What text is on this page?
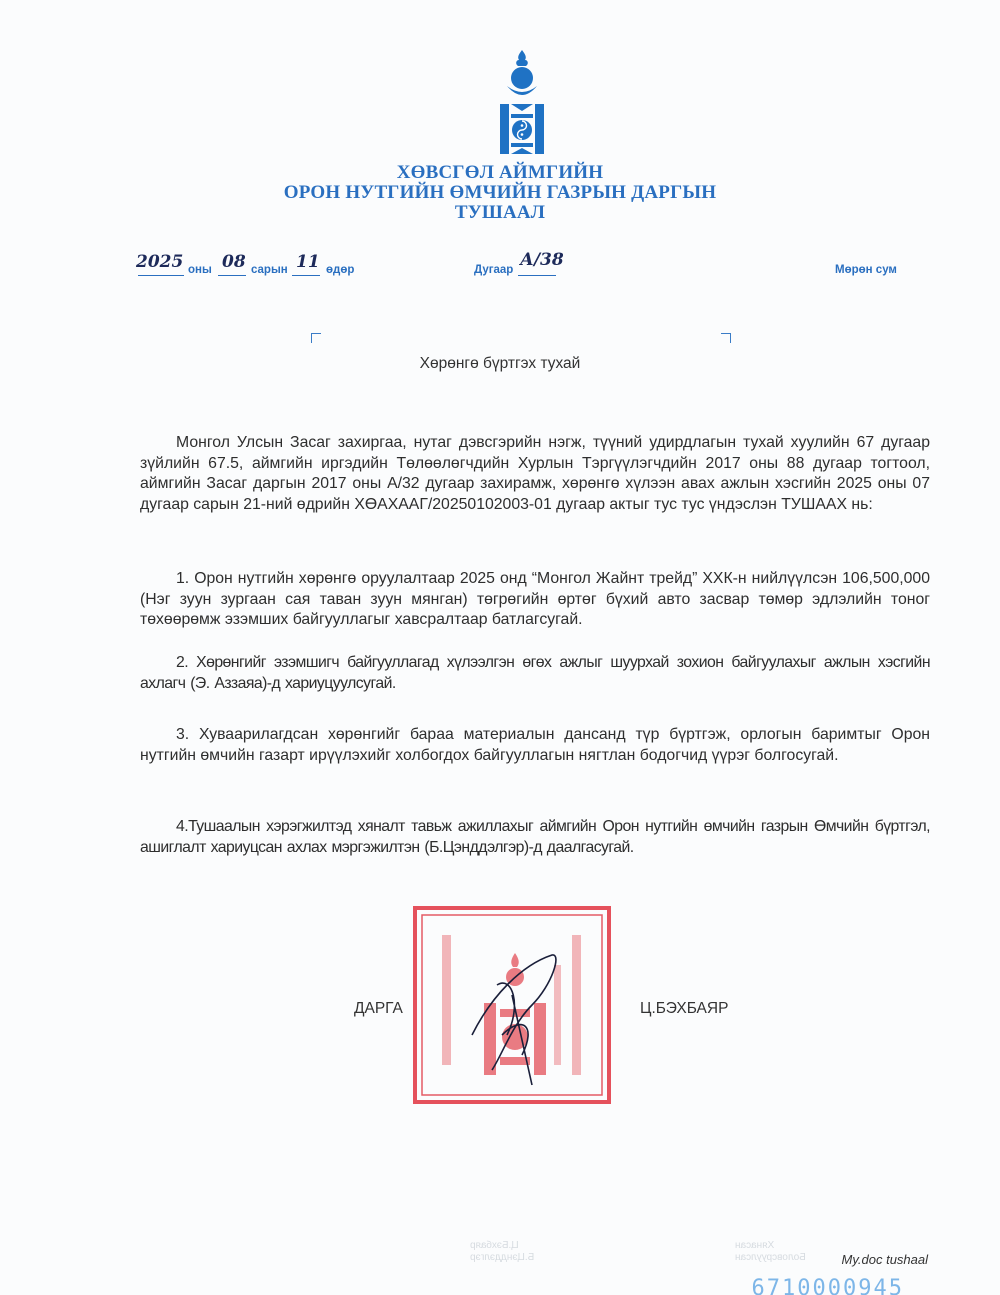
ХӨВСГӨЛ АЙМГИЙН
ОРОН НУТГИЙН ӨМЧИЙН ГАЗРЫН ДАРГЫН
ТУШААЛ
2025 оны 08 сарын 11 өдөр	Дугаар А/38	Мөрөн сум
Хөрөнгө бүртгэх тухай

Монгол Улсын Засаг захиргаа, нутаг дэвсгэрийн нэгж, түүний удирдлагын тухай хуулийн 67 дугаар зүйлийн 67.5, аймгийн иргэдийн Төлөөлөгчдийн Хурлын Тэргүүлэгчдийн 2017 оны 88 дугаар тогтоол, аймгийн Засаг даргын 2017 оны А/32 дугаар захирамж, хөрөнгө хүлээн авах ажлын хэсгийн 2025 оны 07 дугаар сарын 21-ний өдрийн ХӨАХААГ/20250102003-01 дугаар актыг тус тус үндэслэн ТУШААХ нь:

1. Орон нутгийн хөрөнгө оруулалтаар 2025 онд “Монгол Жайнт трейд” ХХК-н нийлүүлсэн 106,500,000 (Нэг зуун зургаан сая таван зуун мянган) төгрөгийн өртөг бүхий авто засвар төмөр эдлэлийн тоног төхөөрөмж эзэмших байгууллагыг хавсралтаар батлагсугай.

2. Хөрөнгийг эзэмшигч байгууллагад хүлээлгэн өгөх ажлыг шуурхай зохион байгуулахыг ажлын хэсгийн ахлагч (Э. Аззаяа)-д хариуцуулсугай.

3. Хуваарилагдсан хөрөнгийг бараа материалын дансанд түр бүртгэж, орлогын баримтыг Орон нутгийн өмчийн газарт ирүүлэхийг холбогдох байгууллагын нягтлан бодогчид үүрэг болгосугай.

4.Тушаалын хэрэгжилтэд хяналт тавьж ажиллахыг аймгийн Орон нутгийн өмчийн газрын Өмчийн бүртгэл, ашиглалт хариуцсан ахлах мэргэжилтэн (Б.Цэнддэлгэр)-д даалгасугай.

ДАРГА	Ц.БЭХБАЯР
Ц.Бэхбаяр
Б.Цэнддэлгэр
Хянасан
Боловсруулсан	My.doc tushaal
6710000945
